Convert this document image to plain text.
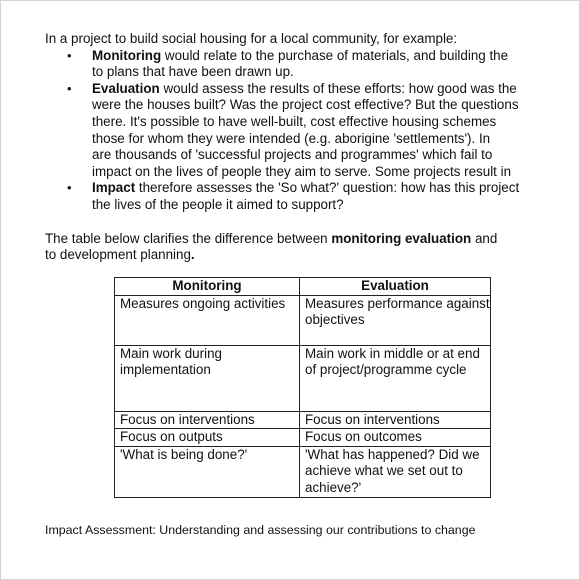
In a project to build social housing for a local community, for example:

• Monitoring would relate to the purchase of materials, and building the
to plans that have been drawn up.
• Evaluation would assess the results of these efforts: how good was the
were the houses built? Was the project cost effective? But the questions
there. It's possible to have well-built, cost effective housing schemes
those for whom they were intended (e.g. aborigine 'settlements'). In
are thousands of 'successful projects and programmes' which fail to
impact on the lives of people they aim to serve. Some projects result in
• Impact therefore assesses the 'So what?' question: how has this project
the lives of the people it aimed to support?

The table below clarifies the difference between monitoring evaluation and
to development planning.

Monitoring	Evaluation
Measures ongoing activities	Measures performance against objectives
Main work during implementation	Main work in middle or at end of project/programme cycle
Focus on interventions	Focus on interventions
Focus on outputs	Focus on outcomes
'What is being done?'	'What has happened? Did we achieve what we set out to achieve?'
Impact Assessment: Understanding and assessing our contributions to change
